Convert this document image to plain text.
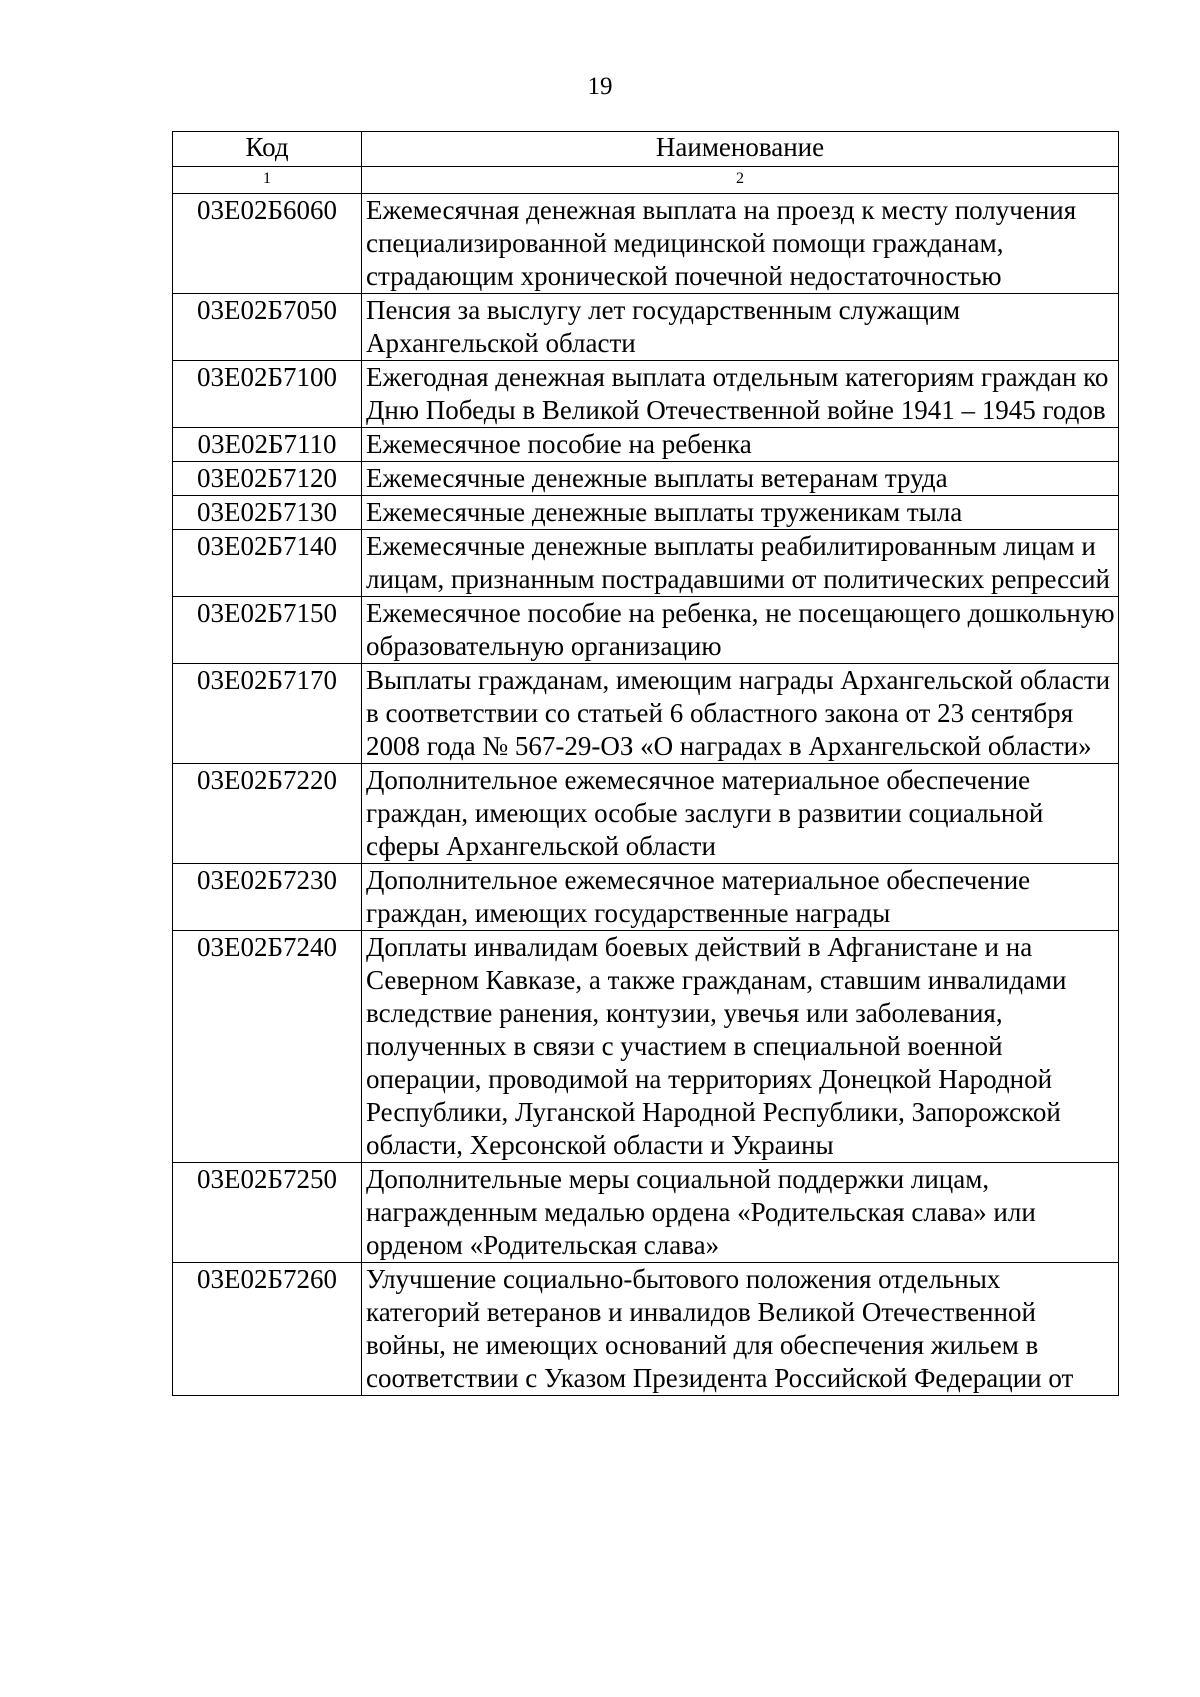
19
Код	Наименование
1	2
03Е02Б6060	Ежемесячная денежная выплата на проезд к месту получения специализированной медицинской помощи гражданам, страдающим хронической почечной недостаточностью
03Е02Б7050	Пенсия за выслугу лет государственным служащим Архангельской области
03Е02Б7100	Ежегодная денежная выплата отдельным категориям граждан ко Дню Победы в Великой Отечественной войне 1941 – 1945 годов
03Е02Б7110	Ежемесячное пособие на ребенка
03Е02Б7120	Ежемесячные денежные выплаты ветеранам труда
03Е02Б7130	Ежемесячные денежные выплаты труженикам тыла
03Е02Б7140	Ежемесячные денежные выплаты реабилитированным лицам и лицам, признанным пострадавшими от политических репрессий
03Е02Б7150	Ежемесячное пособие на ребенка, не посещающего дошкольную образовательную организацию
03Е02Б7170	Выплаты гражданам, имеющим награды Архангельской области в соответствии со статьей 6 областного закона от 23 сентября 2008 года № 567-29-ОЗ «О наградах в Архангельской области»
03Е02Б7220	Дополнительное ежемесячное материальное обеспечение граждан, имеющих особые заслуги в развитии социальной сферы Архангельской области
03Е02Б7230	Дополнительное ежемесячное материальное обеспечение граждан, имеющих государственные награды
03Е02Б7240	Доплаты инвалидам боевых действий в Афганистане и на Северном Кавказе, а также гражданам, ставшим инвалидами вследствие ранения, контузии, увечья или заболевания, полученных в связи с участием в специальной военной операции, проводимой на территориях Донецкой Народной Республики, Луганской Народной Республики, Запорожской области, Херсонской области и Украины
03Е02Б7250	Дополнительные меры социальной поддержки лицам, награжденным медалью ордена «Родительская слава» или орденом «Родительская слава»
03Е02Б7260	Улучшение социально-бытового положения отдельных категорий ветеранов и инвалидов Великой Отечественной войны, не имеющих оснований для обеспечения жильем в соответствии с Указом Президента Российской Федерации от
